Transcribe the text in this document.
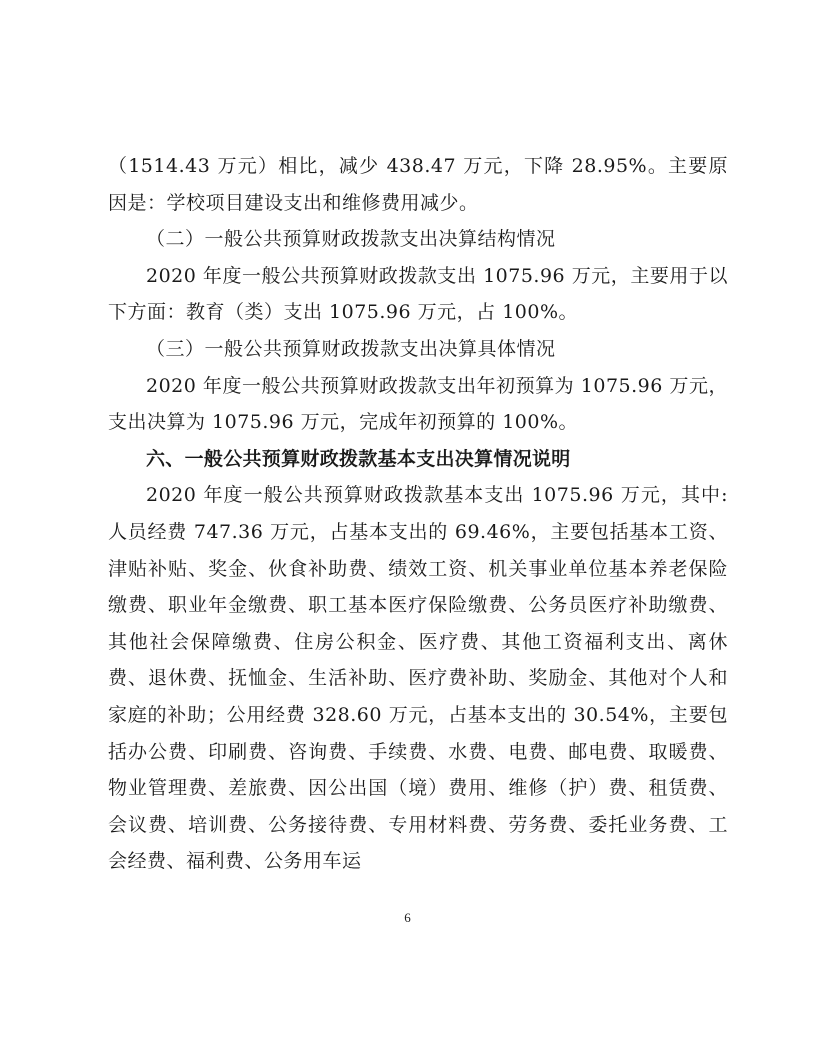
（1514.43 万元）相比，减少 438.47 万元，下降 28.95%。主要原因是：学校项目建设支出和维修费用减少。

（二）一般公共预算财政拨款支出决算结构情况

2020 年度一般公共预算财政拨款支出 1075.96 万元，主要用于以下方面：教育（类）支出 1075.96 万元，占 100%。

（三）一般公共预算财政拨款支出决算具体情况

2020 年度一般公共预算财政拨款支出年初预算为 1075.96 万元，支出决算为 1075.96 万元，完成年初预算的 100%。

六、一般公共预算财政拨款基本支出决算情况说明

2020 年度一般公共预算财政拨款基本支出 1075.96 万元，其中:人员经费 747.36 万元，占基本支出的 69.46%，主要包括基本工资、津贴补贴、奖金、伙食补助费、绩效工资、机关事业单位基本养老保险缴费、职业年金缴费、职工基本医疗保险缴费、公务员医疗补助缴费、其他社会保障缴费、住房公积金、医疗费、其他工资福利支出、离休费、退休费、抚恤金、生活补助、医疗费补助、奖励金、其他对个人和家庭的补助；公用经费 328.60 万元，占基本支出的 30.54%，主要包括办公费、印刷费、咨询费、手续费、水费、电费、邮电费、取暖费、物业管理费、差旅费、因公出国（境）费用、维修（护）费、租赁费、会议费、培训费、公务接待费、专用材料费、劳务费、委托业务费、工会经费、福利费、公务用车运

6
